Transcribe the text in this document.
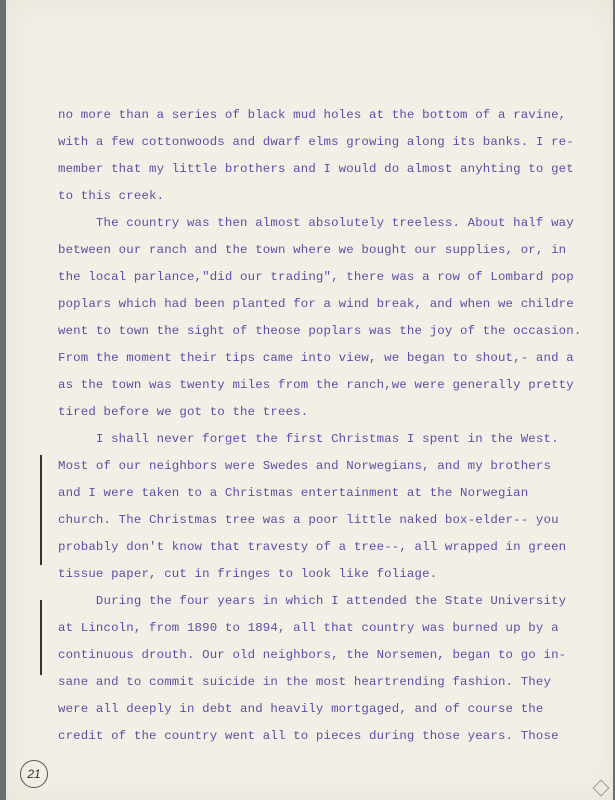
no more than a series of black mud holes at the bottom of a ravine,
with a few cottonwoods and dwarf elms growing along its banks. I re-
member that my little brothers and I would do almost anyhting to get
to this creek.
The country was then almost absolutely treeless. About half way
between our ranch and the town where we bought our supplies, or, in
the local parlance,"did our trading", there was a row of Lombard pop
poplars which had been planted for a wind break, and when we childre
went to town the sight of theose poplars was the joy of the occasion.
From the moment their tips came into view, we began to shout,- and a
as the town was twenty miles from the ranch,we were generally pretty
tired before we got to the trees.
I shall never forget the first Christmas I spent in the West.
Most of our neighbors were Swedes and Norwegians, and my brothers
and I were taken to a Christmas entertainment at the Norwegian
church. The Christmas tree was a poor little naked box-elder-- you
probably don't know that travesty of a tree--, all wrapped in green
tissue paper, cut in fringes to look like foliage.
During the four years in which I attended the State University
at Lincoln, from 1890 to 1894, all that country was burned up by a
continuous drouth. Our old neighbors, the Norsemen, began to go in-
sane and to commit suicide in the most heartrending fashion. They
were all deeply in debt and heavily mortgaged, and of course the
credit of the country went all to pieces during those years. Those
21
